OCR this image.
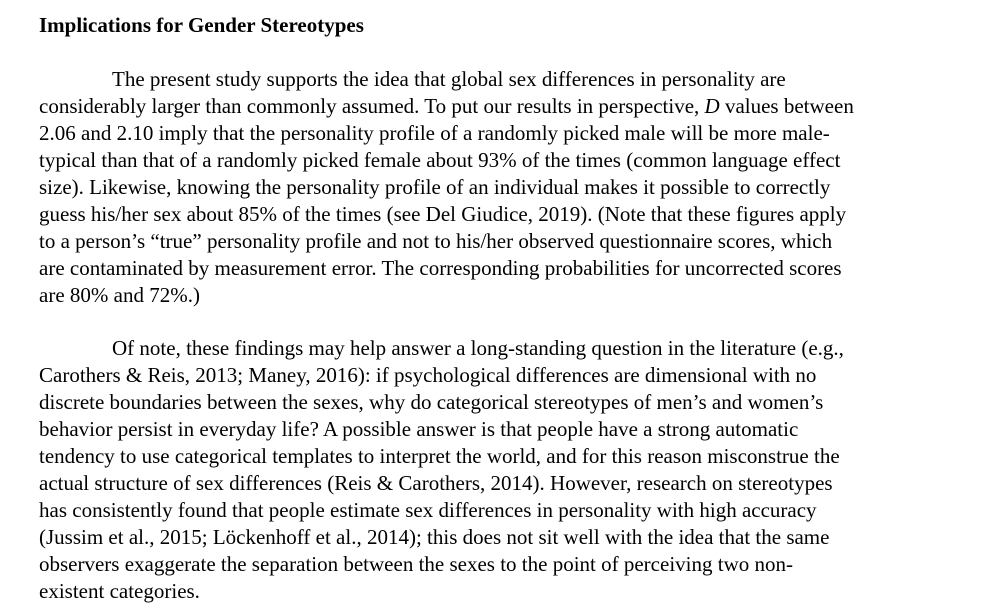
Implications for Gender Stereotypes

The present study supports the idea that global sex differences in personality are
considerably larger than commonly assumed. To put our results in perspective, D values between
2.06 and 2.10 imply that the personality profile of a randomly picked male will be more male-
typical than that of a randomly picked female about 93% of the times (common language effect
size). Likewise, knowing the personality profile of an individual makes it possible to correctly
guess his/her sex about 85% of the times (see Del Giudice, 2019). (Note that these figures apply
to a person’s “true” personality profile and not to his/her observed questionnaire scores, which
are contaminated by measurement error. The corresponding probabilities for uncorrected scores
are 80% and 72%.)

Of note, these findings may help answer a long-standing question in the literature (e.g.,
Carothers & Reis, 2013; Maney, 2016): if psychological differences are dimensional with no
discrete boundaries between the sexes, why do categorical stereotypes of men’s and women’s
behavior persist in everyday life? A possible answer is that people have a strong automatic
tendency to use categorical templates to interpret the world, and for this reason misconstrue the
actual structure of sex differences (Reis & Carothers, 2014). However, research on stereotypes
has consistently found that people estimate sex differences in personality with high accuracy
(Jussim et al., 2015; Löckenhoff et al., 2014); this does not sit well with the idea that the same
observers exaggerate the separation between the sexes to the point of perceiving two non-
existent categories.
